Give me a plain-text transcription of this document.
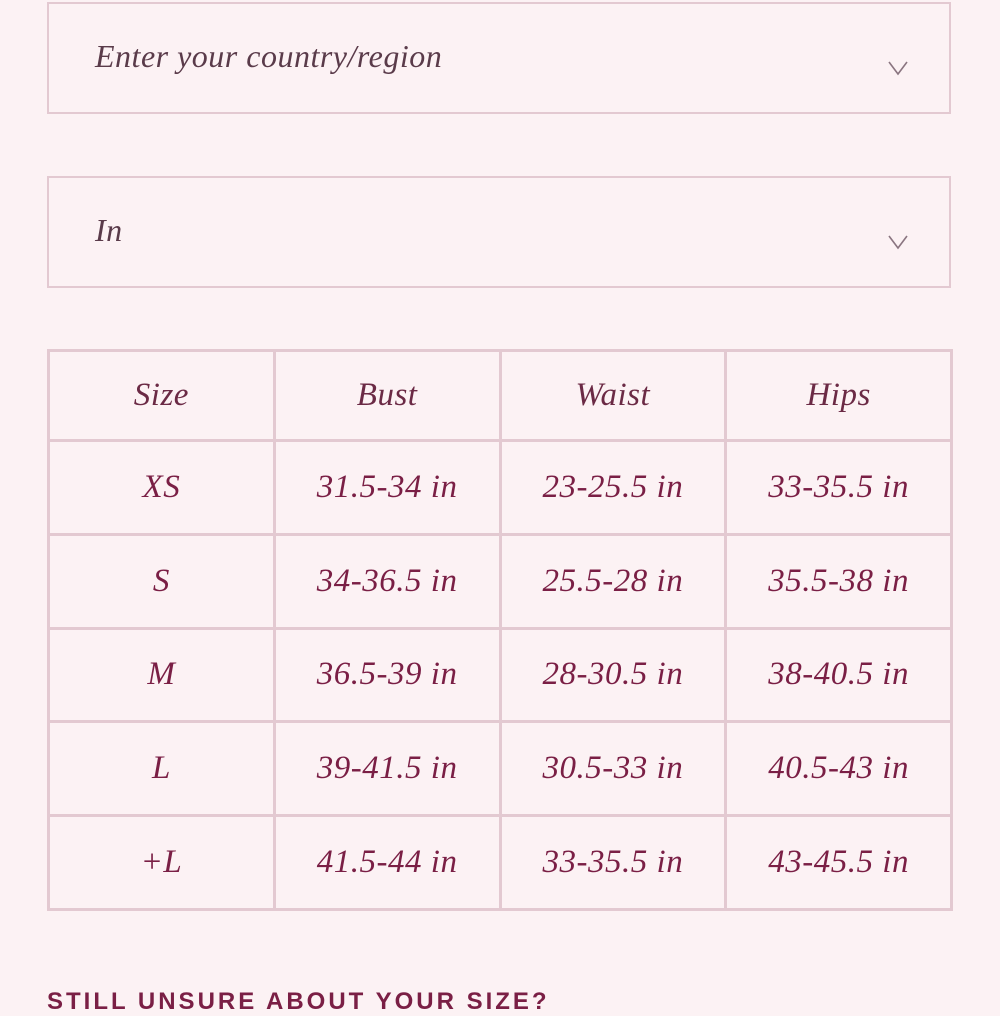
Enter your country/region
In
Size	Bust	Waist	Hips
XS	31.5-34 in	23-25.5 in	33-35.5 in
S	34-36.5 in	25.5-28 in	35.5-38 in
M	36.5-39 in	28-30.5 in	38-40.5 in
L	39-41.5 in	30.5-33 in	40.5-43 in
+L	41.5-44 in	33-35.5 in	43-45.5 in
STILL UNSURE ABOUT YOUR SIZE?
